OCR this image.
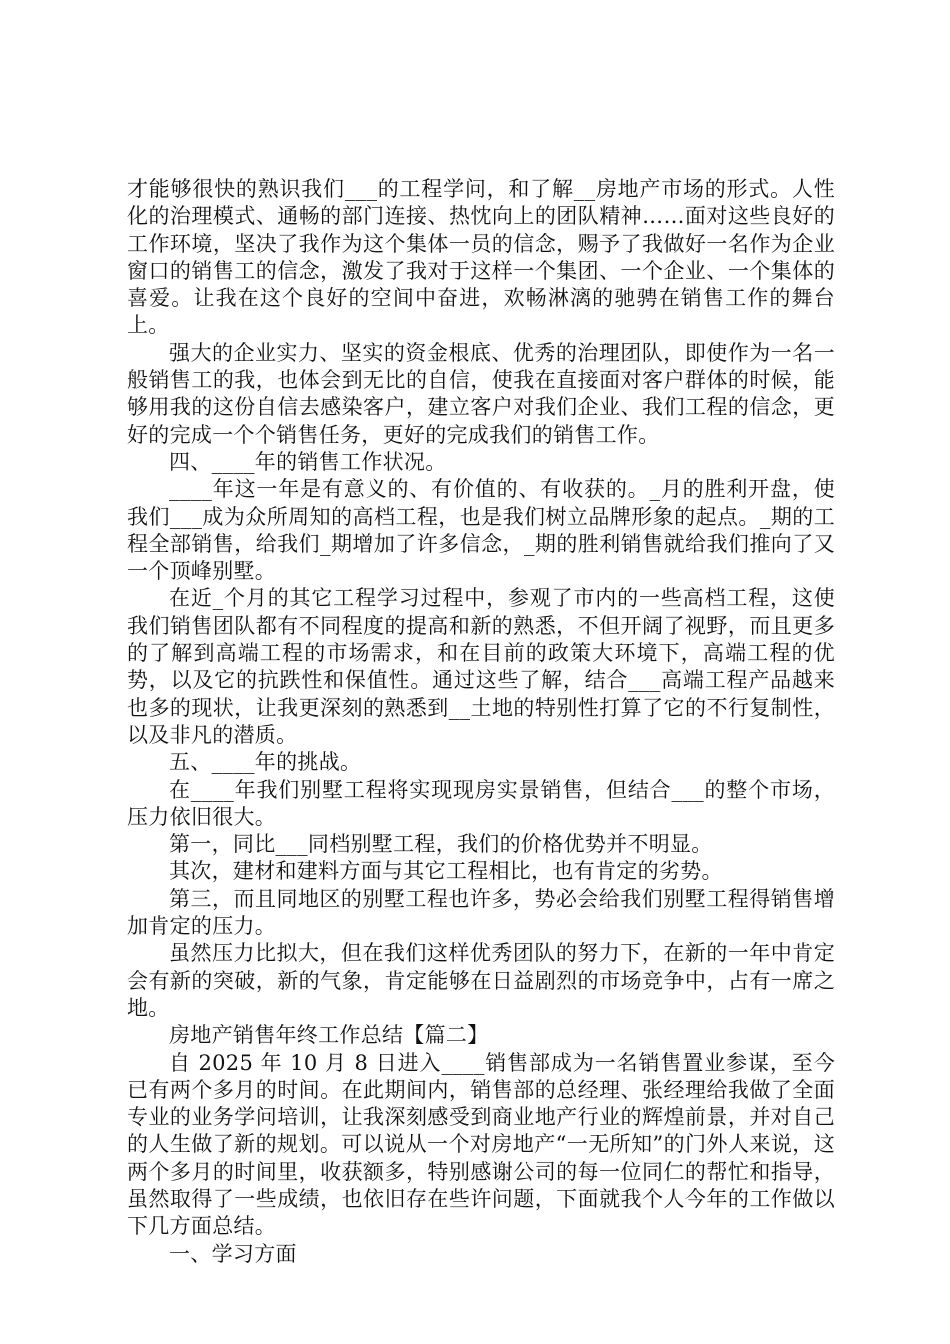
才能够很快的熟识我们___的工程学问，和了解__房地产市场的形式。人性化的治理模式、通畅的部门连接、热忱向上的团队精神……面对这些良好的工作环境，坚决了我作为这个集体一员的信念，赐予了我做好一名作为企业窗口的销售工的信念，激发了我对于这样一个集团、一个企业、一个集体的喜爱。让我在这个良好的空间中奋进，欢畅淋漓的驰骋在销售工作的舞台上。

强大的企业实力、坚实的资金根底、优秀的治理团队，即使作为一名一般销售工的我，也体会到无比的自信，使我在直接面对客户群体的时候，能够用我的这份自信去感染客户，建立客户对我们企业、我们工程的信念，更好的完成一个个销售任务，更好的完成我们的销售工作。

四、____年的销售工作状况。

____年这一年是有意义的、有价值的、有收获的。_月的胜利开盘，使我们___成为众所周知的高档工程，也是我们树立品牌形象的起点。_期的工程全部销售，给我们_期增加了许多信念，_期的胜利销售就给我们推向了又一个顶峰别墅。

在近_个月的其它工程学习过程中，参观了市内的一些高档工程，这使我们销售团队都有不同程度的提高和新的熟悉，不但开阔了视野，而且更多的了解到高端工程的市场需求，和在目前的政策大环境下，高端工程的优势，以及它的抗跌性和保值性。通过这些了解，结合___高端工程产品越来也多的现状，让我更深刻的熟悉到__土地的特别性打算了它的不行复制性，以及非凡的潜质。

五、____年的挑战。

在____年我们别墅工程将实现现房实景销售，但结合___的整个市场，压力依旧很大。

第一，同比___同档别墅工程，我们的价格优势并不明显。

其次，建材和建料方面与其它工程相比，也有肯定的劣势。

第三，而且同地区的别墅工程也许多，势必会给我们别墅工程得销售增加肯定的压力。

虽然压力比拟大，但在我们这样优秀团队的努力下，在新的一年中肯定会有新的突破，新的气象，肯定能够在日益剧烈的市场竞争中，占有一席之地。

房地产销售年终工作总结【篇二】

自 2025 年 10 月 8 日进入____销售部成为一名销售置业参谋，至今已有两个多月的时间。在此期间内，销售部的总经理、张经理给我做了全面专业的业务学问培训，让我深刻感受到商业地产行业的辉煌前景，并对自己的人生做了新的规划。可以说从一个对房地产“一无所知”的门外人来说，这两个多月的时间里，收获额多，特别感谢公司的每一位同仁的帮忙和指导，虽然取得了一些成绩，也依旧存在些许问题，下面就我个人今年的工作做以下几方面总结。

一、学习方面
